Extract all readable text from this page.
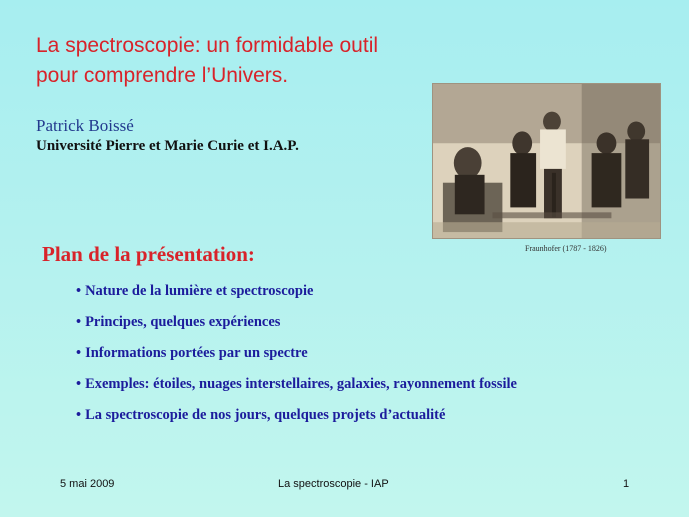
La spectroscopie: un formidable outil
pour comprendre l’Univers.
Patrick Boissé
Université Pierre et Marie Curie et I.A.P.
Fraunhofer (1787 - 1826)
Plan de la présentation:
• Nature de la lumière et spectroscopie
• Principes, quelques expériences
• Informations portées par un spectre
• Exemples: étoiles, nuages interstellaires, galaxies, rayonnement fossile
• La spectroscopie de nos jours, quelques projets d’actualité
5 mai 2009	La spectroscopie - IAP	1
